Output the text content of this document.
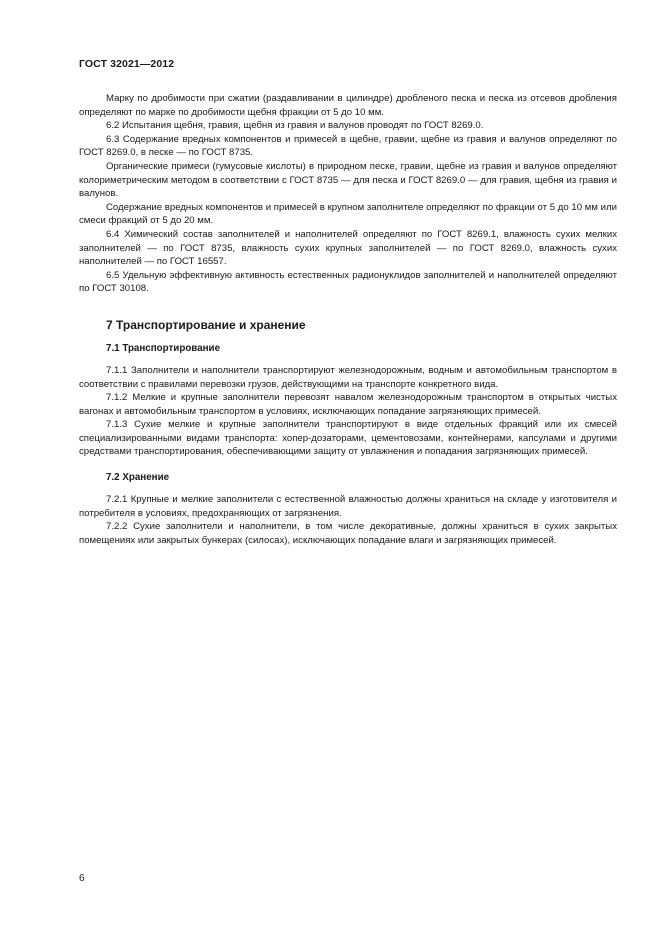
ГОСТ 32021—2012

Марку по дробимости при сжатии (раздавливании в цилиндре) дробленого песка и песка из отсевов дробления определяют по марке по дробимости щебня фракции от 5 до 10 мм.

6.2 Испытания щебня, гравия, щебня из гравия и валунов проводят по ГОСТ 8269.0.

6.3 Содержание вредных компонентов и примесей в щебне, гравии, щебне из гравия и валунов определяют по ГОСТ 8269.0, в песке — по ГОСТ 8735.

Органические примеси (гумусовые кислоты) в природном песке, гравии, щебне из гравия и валунов определяют колориметрическим методом в соответствии с ГОСТ 8735 — для песка и ГОСТ 8269.0 — для гравия, щебня из гравия и валунов.

Содержание вредных компонентов и примесей в крупном заполнителе определяют по фракции от 5 до 10 мм или смеси фракций от 5 до 20 мм.

6.4 Химический состав заполнителей и наполнителей определяют по ГОСТ 8269.1, влажность сухих мелких заполнителей — по ГОСТ 8735, влажность сухих крупных заполнителей — по ГОСТ 8269.0, влажность сухих наполнителей — по ГОСТ 16557.

6.5 Удельную эффективную активность естественных радионуклидов заполнителей и наполнителей определяют по ГОСТ 30108.

7 Транспортирование и хранение
7.1 Транспортирование

7.1.1 Заполнители и наполнители транспортируют железнодорожным, водным и автомобильным транспортом в соответствии с правилами перевозки грузов, действующими на транспорте конкретного вида.

7.1.2 Мелкие и крупные заполнители перевозят навалом железнодорожным транспортом в открытых чистых вагонах и автомобильным транспортом в условиях, исключающих попадание загрязняющих примесей.

7.1.3 Сухие мелкие и крупные заполнители транспортируют в виде отдельных фракций или их смесей специализированными видами транспорта: хопер-дозаторами, цементовозами, контейнерами, капсулами и другими средствами транспортирования, обеспечивающими защиту от увлажнения и попадания загрязняющих примесей.

7.2 Хранение

7.2.1 Крупные и мелкие заполнители с естественной влажностью должны храниться на складе у изготовителя и потребителя в условиях, предохраняющих от загрязнения.

7.2.2 Сухие заполнители и наполнители, в том числе декоративные, должны храниться в сухих закрытых помещениях или закрытых бункерах (силосах), исключающих попадание влаги и загрязняющих примесей.

6
